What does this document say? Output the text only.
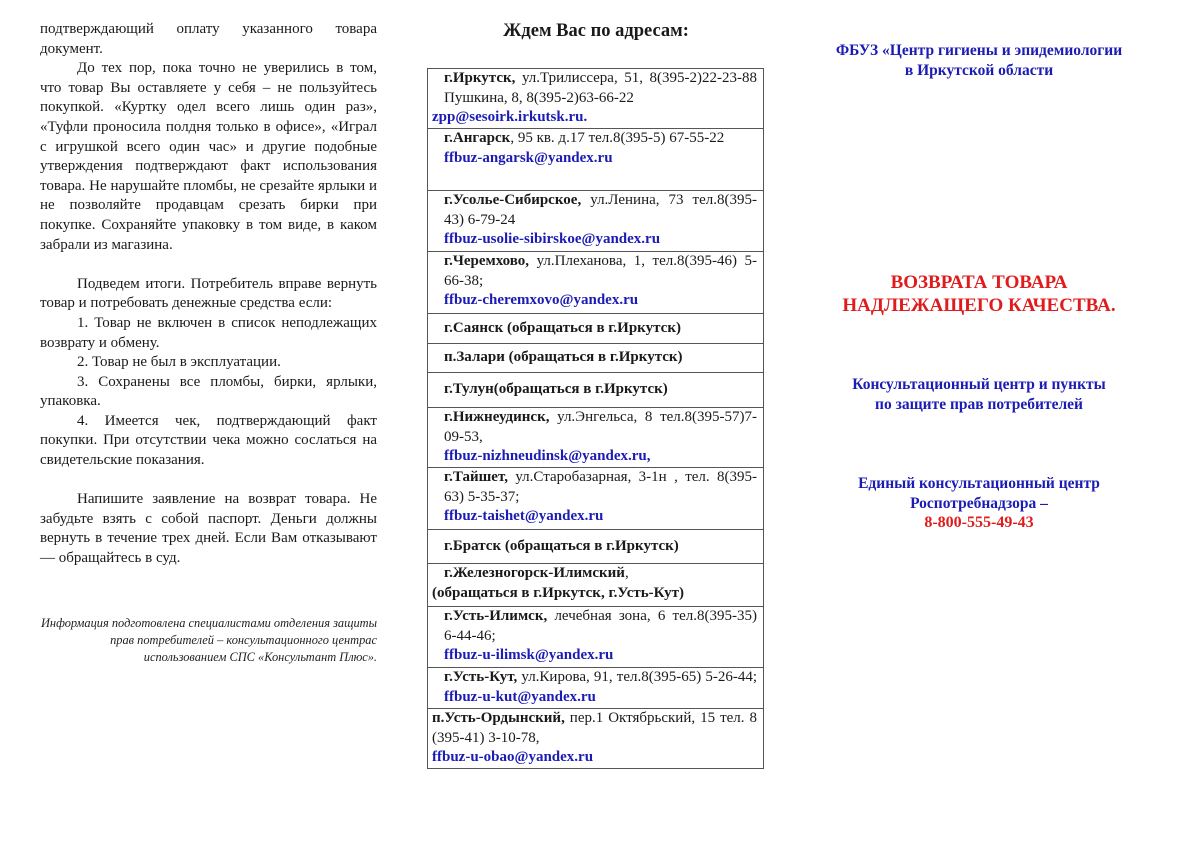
подтверждающий оплату указанного товара документ.

До тех пор, пока точно не уверились в том, что товар Вы оставляете у себя – не пользуйтесь покупкой. «Куртку одел всего лишь один раз», «Туфли проносила полдня только в офисе», «Играл с игрушкой всего один час» и другие подобные утверждения подтверждают факт использования товара. Не нарушайте пломбы, не срезайте ярлыки и не позволяйте продавцам срезать бирки при покупке. Сохраняйте упаковку в том виде, в каком забрали из магазина.

Подведем итоги. Потребитель вправе вернуть товар и потребовать денежные средства если:

1. Товар не включен в список неподлежащих возврату и обмену.

2. Товар не был в эксплуатации.

3. Сохранены все пломбы, бирки, ярлыки, упаковка.

4. Имеется чек, подтверждающий факт покупки. При отсутствии чека можно сослаться на свидетельские показания.

Напишите заявление на возврат товара. Не забудьте взять с собой паспорт. Деньги должны вернуть в течение трех дней. Если Вам отказывают — обращайтесь в суд.

Информация подготовлена специалистами отделения защиты прав потребителей – консультационного центрас использованием СПС «Консультант Плюс».

Ждем Вас по адресам:
г.Иркутск, ул.Трилиссера, 51, 8(395-2)22-23-88 Пушкина, 8, 8(395-2)63-66-22
zpp@sesoirk.irkutsk.ru.
г.Ангарск, 95 кв. д.17 тел.8(395-5) 67-55-22
ffbuz-angarsk@yandex.ru
г.Усолье-Сибирское, ул.Ленина, 73 тел.8(395-43) 6-79-24
ffbuz-usolie-sibirskoe@yandex.ru
г.Черемхово, ул.Плеханова, 1, тел.8(395-46) 5-66-38;
ffbuz-cheremxovo@yandex.ru
г.Саянск (обращаться в г.Иркутск)
п.Залари (обращаться в г.Иркутск)
г.Тулун(обращаться в г.Иркутск)
г.Нижнеудинск, ул.Энгельса, 8 тел.8(395-57)7-09-53,
ffbuz-nizhneudinsk@yandex.ru,
г.Тайшет, ул.Старобазарная, 3-1н , тел. 8(395-63) 5-35-37;
ffbuz-taishet@yandex.ru
г.Братск (обращаться в г.Иркутск)
г.Железногорск-Илимский,
(обращаться в г.Иркутск, г.Усть-Кут)
г.Усть-Илимск, лечебная зона, 6 тел.8(395-35) 6-44-46;
ffbuz-u-ilimsk@yandex.ru
г.Усть-Кут, ул.Кирова, 91, тел.8(395-65) 5-26-44; ffbuz-u-kut@yandex.ru
п.Усть-Ордынский, пер.1 Октябрьский, 15 тел. 8 (395-41) 3-10-78,
ffbuz-u-obao@yandex.ru
ФБУЗ «Центр гигиены и эпидемиологии
в Иркутской области
ВОЗВРАТА ТОВАРА
НАДЛЕЖАЩЕГО КАЧЕСТВА.
Консультационный центр и пункты
по защите прав потребителей
Единый консультационный центр
Роспотребнадзора –
8-800-555-49-43
